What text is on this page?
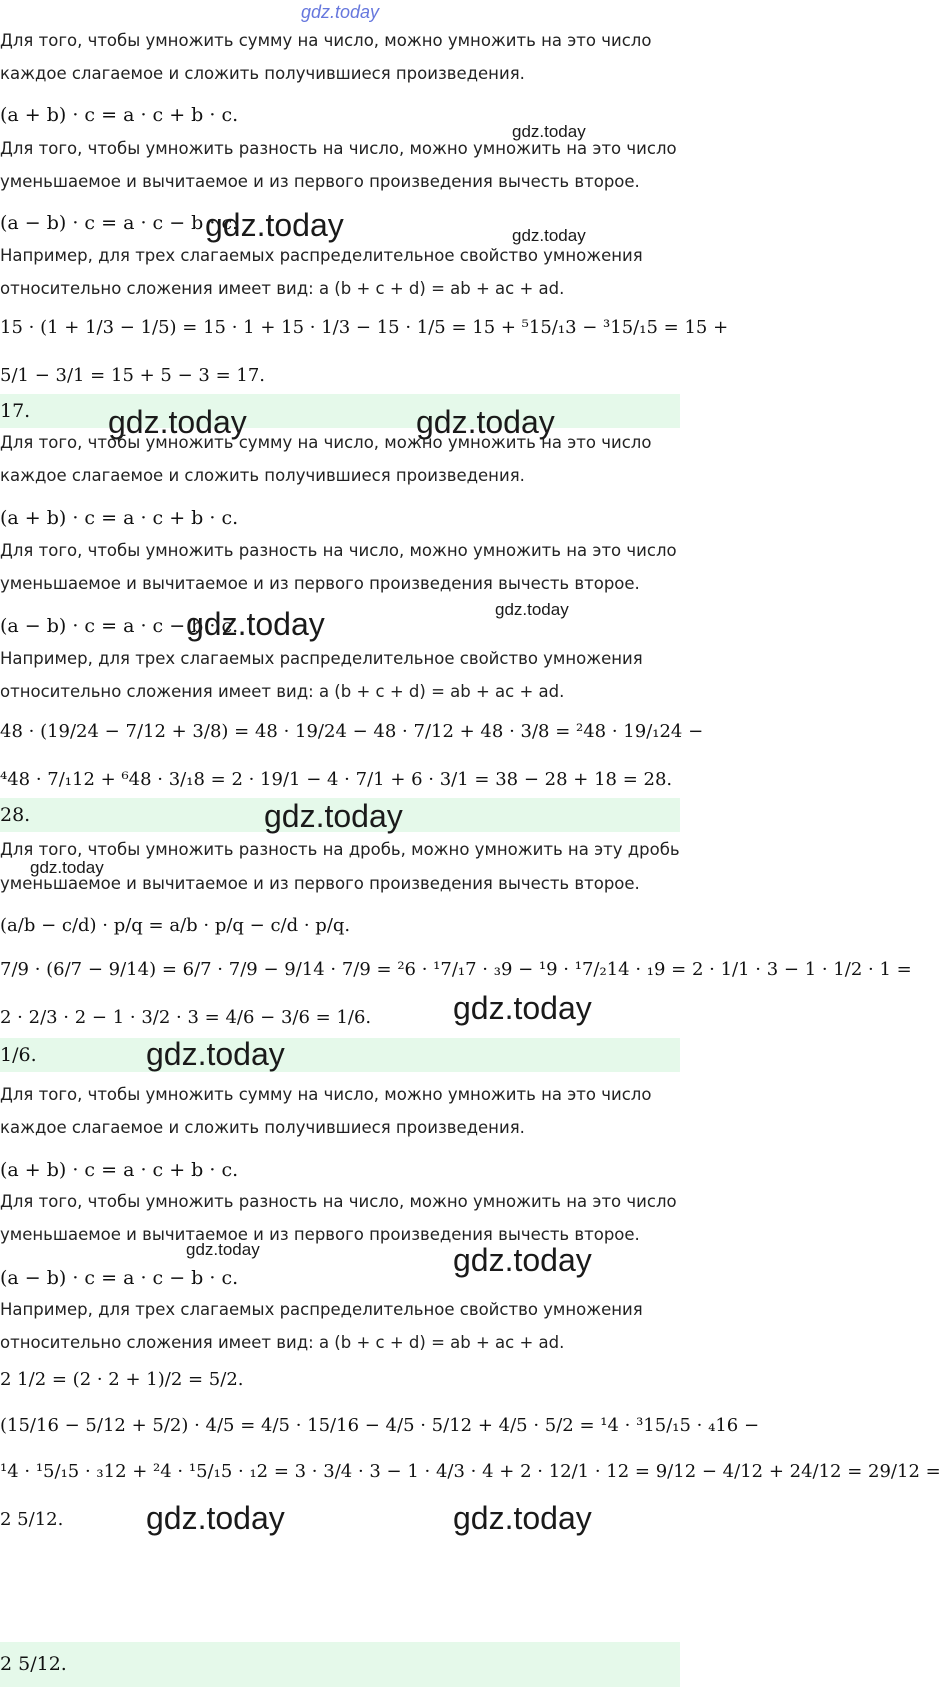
gdz.today
Для того, чтобы умножить сумму на число, можно умножить на это число
каждое слагаемое и сложить получившиеся произведения.
(a + b) · c = a · c + b · c.
gdz.today
Для того, чтобы умножить разность на число, можно умножить на это число
уменьшаемое и вычитаемое и из первого произведения вычесть второе.
(a − b) · c = a · c − b · c.
gdz.today	gdz.today
Например, для трех слагаемых распределительное свойство умножения
относительно сложения имеет вид: a (b + c + d) = ab + ac + ad.
15 · (1 + 1/3 − 1/5) = 15 · 1 + 15 · 1/3 − 15 · 1/5 = 15 + ⁵15/₁3 − ³15/₁5 = 15 +
5/1 − 3/1 = 15 + 5 − 3 = 17.
17.	gdz.today	gdz.today
Для того, чтобы умножить сумму на число, можно умножить на это число
каждое слагаемое и сложить получившиеся произведения.
(a + b) · c = a · c + b · c.
Для того, чтобы умножить разность на число, можно умножить на это число
уменьшаемое и вычитаемое и из первого произведения вычесть второе.
gdz.today
(a − b) · c = a · c − b · c.
gdz.today
Например, для трех слагаемых распределительное свойство умножения
относительно сложения имеет вид: a (b + c + d) = ab + ac + ad.
48 · (19/24 − 7/12 + 3/8) = 48 · 19/24 − 48 · 7/12 + 48 · 3/8 = ²48 · 19/₁24 −
⁴48 · 7/₁12 + ⁶48 · 3/₁8 = 2 · 19/1 − 4 · 7/1 + 6 · 3/1 = 38 − 28 + 18 = 28.
28.	gdz.today
Для того, чтобы умножить разность на дробь, можно умножить на эту дробь
gdz.today
уменьшаемое и вычитаемое и из первого произведения вычесть второе.
(a/b − c/d) · p/q = a/b · p/q − c/d · p/q.
7/9 · (6/7 − 9/14) = 6/7 · 7/9 − 9/14 · 7/9 = ²6 · ¹7/₁7 · ₃9 − ¹9 · ¹7/₂14 · ₁9 = 2 · 1/1 · 3 − 1 · 1/2 · 1 =
gdz.today
2 · 2/3 · 2 − 1 · 3/2 · 3 = 4/6 − 3/6 = 1/6.
1/6.	gdz.today
Для того, чтобы умножить сумму на число, можно умножить на это число
каждое слагаемое и сложить получившиеся произведения.
(a + b) · c = a · c + b · c.
Для того, чтобы умножить разность на число, можно умножить на это число
уменьшаемое и вычитаемое и из первого произведения вычесть второе.
gdz.today	gdz.today
(a − b) · c = a · c − b · c.
Например, для трех слагаемых распределительное свойство умножения
относительно сложения имеет вид: a (b + c + d) = ab + ac + ad.
2 1/2 = (2 · 2 + 1)/2 = 5/2.
(15/16 − 5/12 + 5/2) · 4/5 = 4/5 · 15/16 − 4/5 · 5/12 + 4/5 · 5/2 = ¹4 · ³15/₁5 · ₄16 −
¹4 · ¹5/₁5 · ₃12 + ²4 · ¹5/₁5 · ₁2 = 3 · 3/4 · 3 − 1 · 4/3 · 4 + 2 · 12/1 · 12 = 9/12 − 4/12 + 24/12 = 29/12 =
2 5/12.	gdz.today	gdz.today
2 5/12.
